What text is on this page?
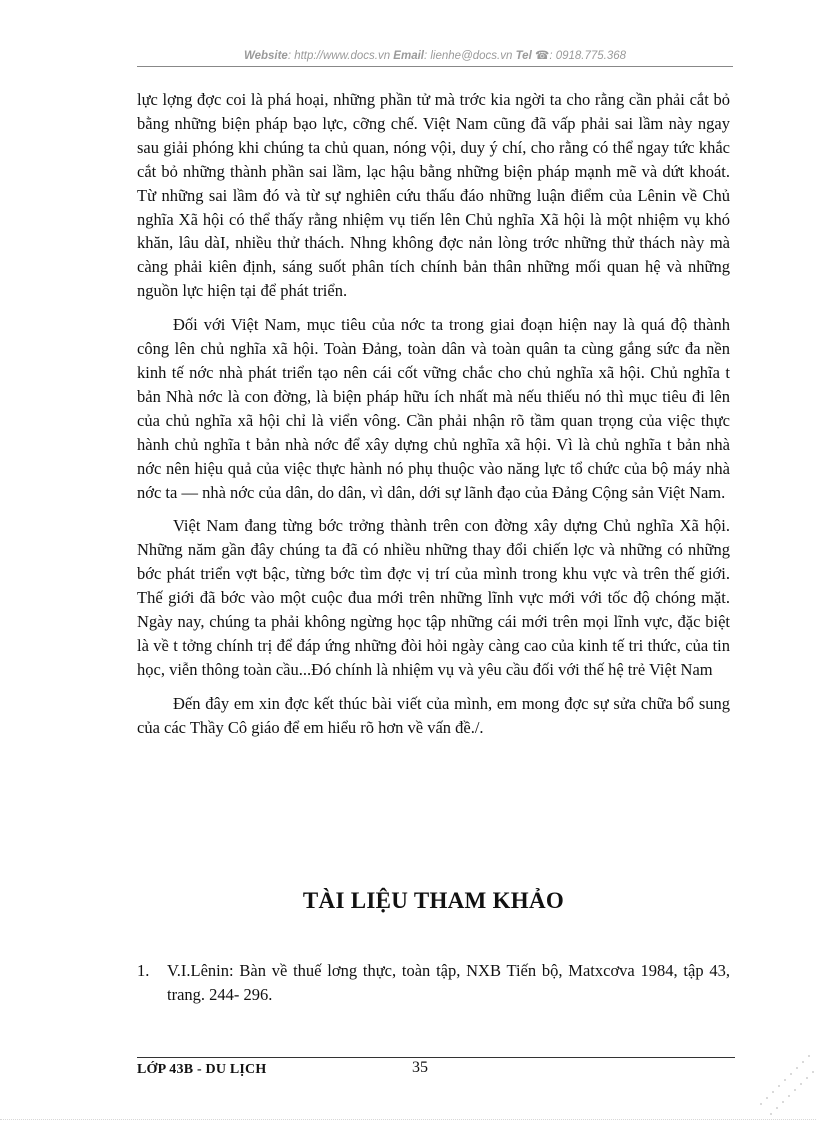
Website: http://www.docs.vn Email: lienhe@docs.vn Tel ☎: 0918.775.368

lực lợng đợc coi là phá hoại, những phần tử mà trớc kia ngời ta cho rằng cần phải cắt bỏ bằng những biện pháp bạo lực, cỡng chế. Việt Nam cũng đã vấp phải sai lầm này ngay sau giải phóng khi chúng ta chủ quan, nóng vội, duy ý chí, cho rằng có thể ngay tức khắc cắt bỏ những thành phần sai lầm, lạc hậu bằng những biện pháp mạnh mẽ và dứt khoát. Từ những sai lầm đó và từ sự nghiên cứu thấu đáo những luận điểm của Lênin về Chủ nghĩa Xã hội có thể thấy rằng nhiệm vụ tiến lên Chủ nghĩa Xã hội là một nhiệm vụ khó khăn, lâu dàI, nhiều thử thách. Nhng không đợc nản lòng trớc những thử thách này mà càng phải kiên định, sáng suốt phân tích chính bản thân những mối quan hệ và những nguồn lực hiện tại để phát triển.

Đối với Việt Nam, mục tiêu của nớc ta trong giai đoạn hiện nay là quá độ thành công lên chủ nghĩa xã hội. Toàn Đảng, toàn dân và toàn quân ta cùng gắng sức đa nền kinh tế nớc nhà phát triển tạo nên cái cốt vững chắc cho chủ nghĩa xã hội. Chủ nghĩa t bản Nhà nớc là con đờng, là biện pháp hữu ích nhất mà nếu thiếu nó thì mục tiêu đi lên của chủ nghĩa xã hội chỉ là viển vông. Cần phải nhận rõ tầm quan trọng của việc thực hành chủ nghĩa t bản nhà nớc để xây dựng chủ nghĩa xã hội. Vì là chủ nghĩa t bản nhà nớc nên hiệu quả của việc thực hành nó phụ thuộc vào năng lực tổ chức của bộ máy nhà nớc ta — nhà nớc của dân, do dân, vì dân, dới sự lãnh đạo của Đảng Cộng sản Việt Nam.

Việt Nam đang từng bớc trởng thành trên con đờng xây dựng Chủ nghĩa Xã hội. Những năm gần đây chúng ta đã có nhiều những thay đổi chiến lợc và những có những bớc phát triển vợt bậc, từng bớc tìm đợc vị trí của mình trong khu vực và trên thế giới. Thế giới đã bớc vào một cuộc đua mới trên những lĩnh vực mới với tốc độ chóng mặt. Ngày nay, chúng ta phải không ngừng học tập những cái mới trên mọi lĩnh vực, đặc biệt là về t tởng chính trị để đáp ứng những đòi hỏi ngày càng cao của kinh tế tri thức, của tin học, viễn thông toàn cầu...Đó chính là nhiệm vụ và yêu cầu đối với thế hệ trẻ Việt Nam

Đến đây em xin đợc kết thúc bài viết của mình, em mong đợc sự sửa chữa bổ sung của các Thầy Cô giáo để em hiểu rõ hơn về vấn đề./.

TÀI LIỆU THAM KHẢO
1.	V.I.Lênin: Bàn về thuế lơng thực, toàn tập, NXB Tiến bộ, Matxcơva 1984, tập 43, trang. 244- 296.
LỚP 43B - DU LỊCH	35
